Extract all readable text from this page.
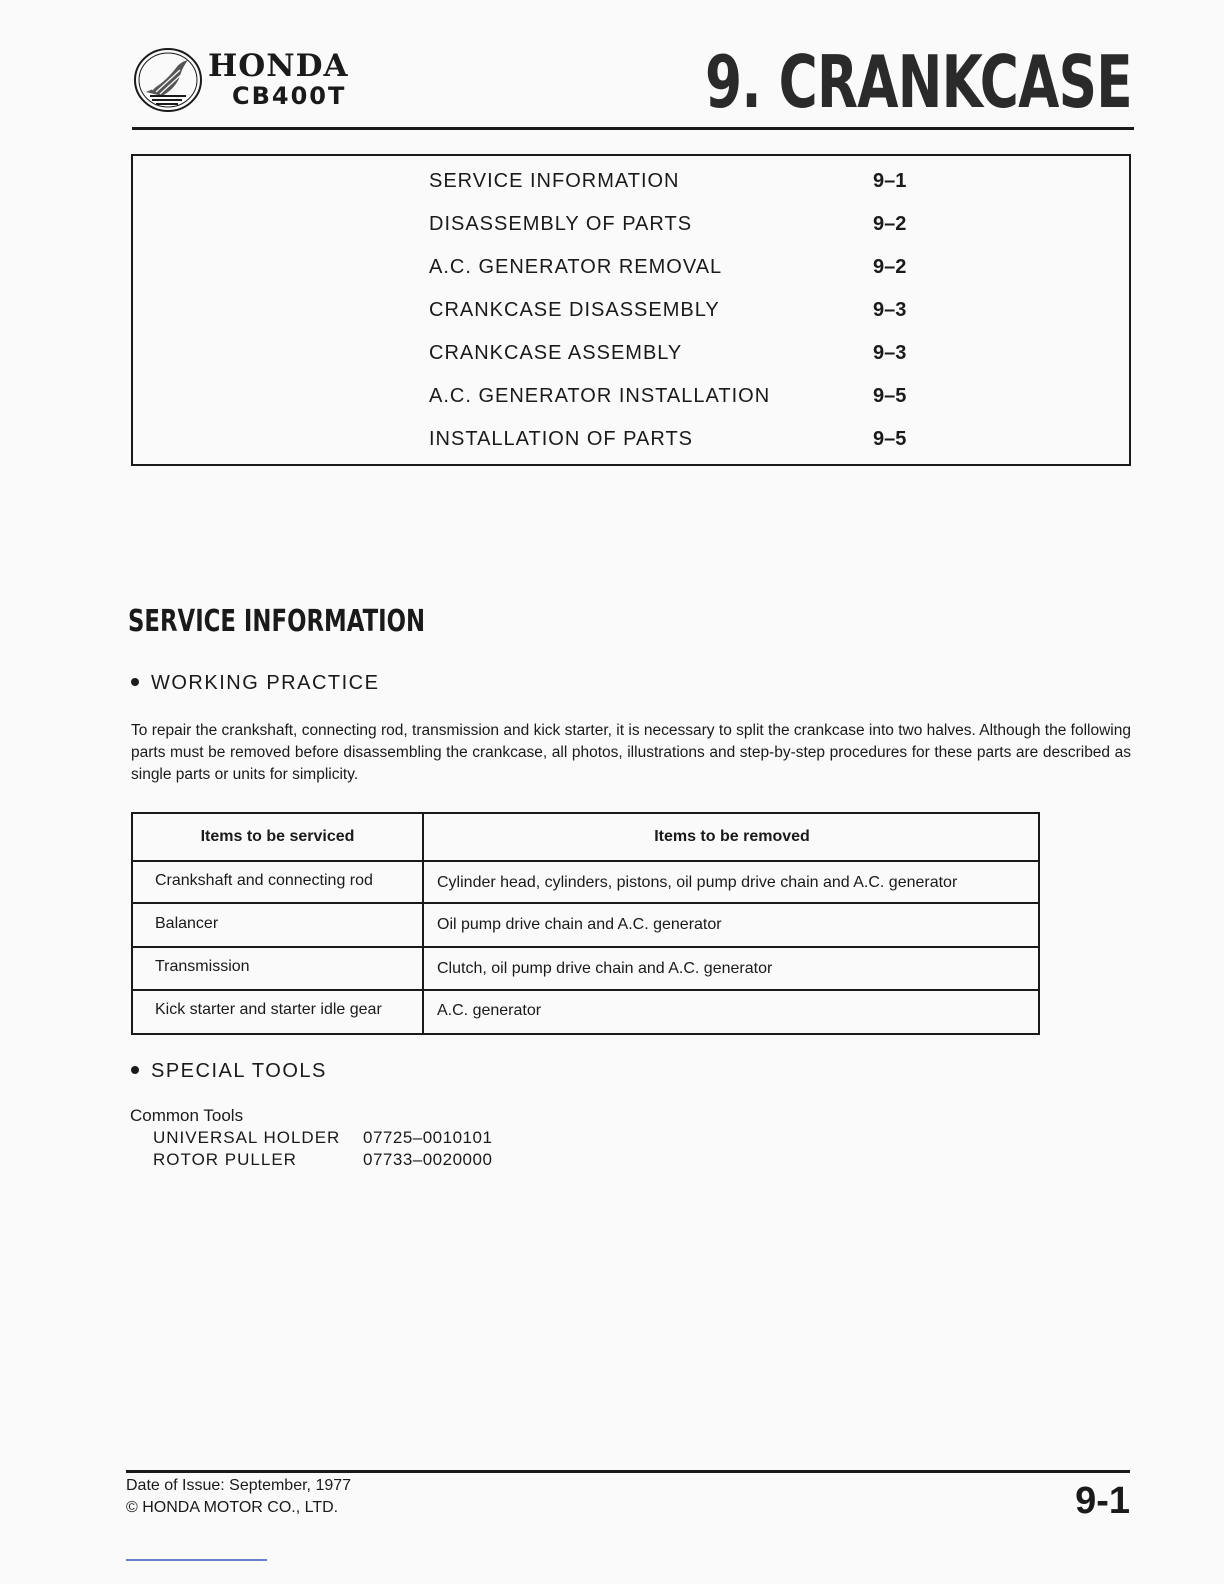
HONDA
CB400T	9. CRANKCASE
SERVICE INFORMATION	9–1
DISASSEMBLY OF PARTS	9–2
A.C. GENERATOR REMOVAL	9–2
CRANKCASE DISASSEMBLY	9–3
CRANKCASE ASSEMBLY	9–3
A.C. GENERATOR INSTALLATION	9–5
INSTALLATION OF PARTS	9–5
SERVICE INFORMATION
WORKING PRACTICE
To repair the crankshaft, connecting rod, transmission and kick starter, it is necessary to split the crankcase into two halves. Although the following parts must be removed before disassembling the crankcase, all photos, illustrations and step-by-step procedures for these parts are described as single parts or units for simplicity.
Items to be serviced	Items to be removed
Crankshaft and connecting rod	Cylinder head, cylinders, pistons, oil pump drive chain and A.C. generator
Balancer	Oil pump drive chain and A.C. generator
Transmission	Clutch, oil pump drive chain and A.C. generator
Kick starter and starter idle gear	A.C. generator
SPECIAL TOOLS
Common Tools
UNIVERSAL HOLDER 07725–0010101
ROTOR PULLER	07733–0020000
Date of Issue: September, 1977
© HONDA MOTOR CO., LTD.	9-1
